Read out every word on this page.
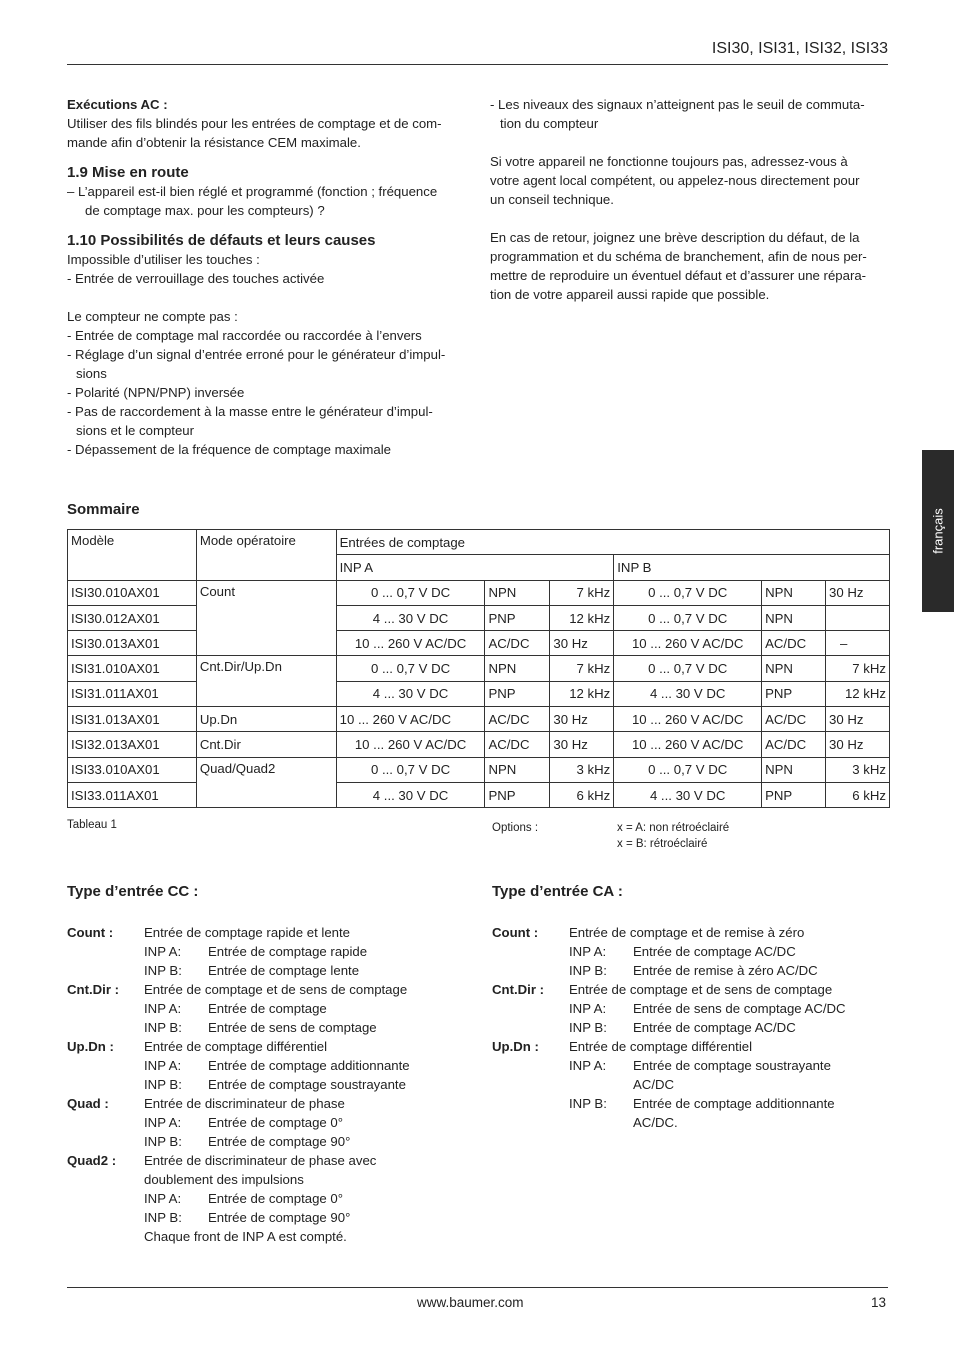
ISI30, ISI31, ISI32, ISI33

Exécutions AC :

Utiliser des fils blindés pour les entrées de comptage et de com-

mande afin d’obtenir la résistance CEM maximale.

1.9 Mise en route

– L’appareil est-il bien réglé et programmé (fonction ; fréquence

de comptage max. pour les compteurs) ?

1.10 Possibilités de défauts et leurs causes

Impossible d’utiliser les touches :

- Entrée de verrouillage des touches activée

Le compteur ne compte pas :

- Entrée de comptage mal raccordée ou raccordée à l’envers

- Réglage d’un signal d’entrée erroné pour le générateur d’impul-

sions

- Polarité (NPN/PNP) inversée

- Pas de raccordement à la masse entre le générateur d’impul-

sions et le compteur

- Dépassement de la fréquence de comptage maximale

- Les niveaux des signaux n’atteignent pas le seuil de commuta-

tion du compteur

Si votre appareil ne fonctionne toujours pas, adressez-vous à

votre agent local compétent, ou appelez-nous directement pour

un conseil technique.

En cas de retour, joignez une brève description du défaut, de la

programmation et du schéma de branchement, afin de nous per-

mettre de reproduire un éventuel défaut et d’assurer une répara-

tion de votre appareil aussi rapide que possible.

français
Sommaire
Modèle	Mode opératoire	Entrées de comptage					
		INP A			INP B		
ISI30.010AX01	Count	0 ... 0,7 V DC	NPN	7 kHz	0 ... 0,7 V DC	NPN	30 Hz
ISI30.012AX01		4 ... 30 V DC	PNP	12 kHz	0 ... 0,7 V DC	NPN	
ISI30.013AX01		10 ... 260 V AC/DC	AC/DC	30 Hz	10 ... 260 V AC/DC	AC/DC	–
ISI31.010AX01	Cnt.Dir/Up.Dn	0 ... 0,7 V DC	NPN	7 kHz	0 ... 0,7 V DC	NPN	7 kHz
ISI31.011AX01		4 ... 30 V DC	PNP	12 kHz	4 ... 30 V DC	PNP	12 kHz
ISI31.013AX01	Up.Dn	10 ... 260 V AC/DC	AC/DC	30 Hz	10 ... 260 V AC/DC	AC/DC	30 Hz
ISI32.013AX01	Cnt.Dir	10 ... 260 V AC/DC	AC/DC	30 Hz	10 ... 260 V AC/DC	AC/DC	30 Hz
ISI33.010AX01	Quad/Quad2	0 ... 0,7 V DC	NPN	3 kHz	0 ... 0,7 V DC	NPN	3 kHz
ISI33.011AX01		4 ... 30 V DC	PNP	6 kHz	4 ... 30 V DC	PNP	6 kHz
Tableau 1	Options :	x = A: non rétroéclairé
x = B: rétroéclairé
Type d’entrée CC :
Count : Entrée de comptage rapide et lente
INP A: Entrée de comptage rapide
INP B: Entrée de comptage lente
Cnt.Dir : Entrée de comptage et de sens de comptage
INP A: Entrée de comptage
INP B: Entrée de sens de comptage
Up.Dn : Entrée de comptage différentiel
INP A: Entrée de comptage additionnante
INP B: Entrée de comptage soustrayante
Quad :	Entrée de discriminateur de phase
INP A: Entrée de comptage 0°
INP B: Entrée de comptage 90°
Quad2 : Entrée de discriminateur de phase avec
doublement des impulsions
INP A: Entrée de comptage 0°
INP B: Entrée de comptage 90°
Chaque front de INP A est compté.
Type d’entrée CA :
Count : Entrée de comptage et de remise à zéro
INP A: Entrée de comptage AC/DC
INP B: Entrée de remise à zéro AC/DC
Cnt.Dir : Entrée de comptage et de sens de comptage
INP A: Entrée de sens de comptage AC/DC
INP B: Entrée de comptage AC/DC
Up.Dn : Entrée de comptage différentiel
INP A: Entrée de comptage soustrayante
AC/DC
INP B: Entrée de comptage additionnante
AC/DC.
www.baumer.com	13
